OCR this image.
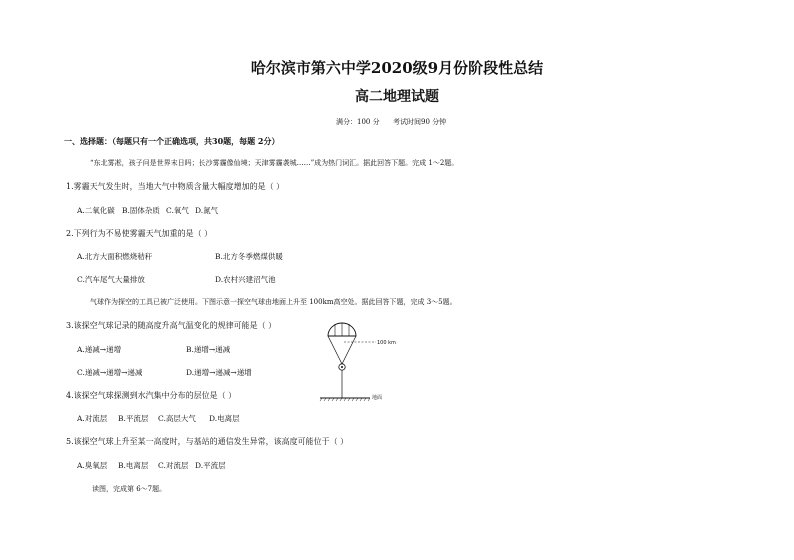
哈尔滨市第六中学2020级9月份阶段性总结
高二地理试题
满分：100 分 考试时间90 分钟
一、选择题：（每题只有一个正确选项，共30题，每题 2分）
“东北雾凇，孩子问是世界末日吗；长沙雾霾像仙境；天津雾霾袭城……”成为热门词汇。据此回答下题。完成 1～2题。
1.雾霾天气发生时，当地大气中物质含量大幅度增加的是（ ）
A.二氧化碳 B.固体杂质 C.氧气 D.氮气
2.下列行为不易使雾霾天气加重的是（ ）
A.北方大面积燃烧秸秆	B.北方冬季燃煤供暖
C.汽车尾气大量排放	D.农村兴建沼气池
气球作为探空的工具已被广泛使用。下图示意一探空气球由地面上升至 100km高空处。据此回答下题，完成 3～5题。
3.该探空气球记录的随高度升高气温变化的规律可能是（ ）
A.递减→递增	B.递增→递减
C.递减→递增→递减	D.递增→递减→递增
100 km
地面
4.该探空气球探测到水汽集中分布的层位是（ ）
A.对流层 B.平流层 C.高层大气 D.电离层
5.该探空气球上升至某一高度时，与基站的通信发生异常，该高度可能位于（ ）
A.臭氧层 B.电离层 C.对流层 D.平流层
读图，完成第 6～7题。
